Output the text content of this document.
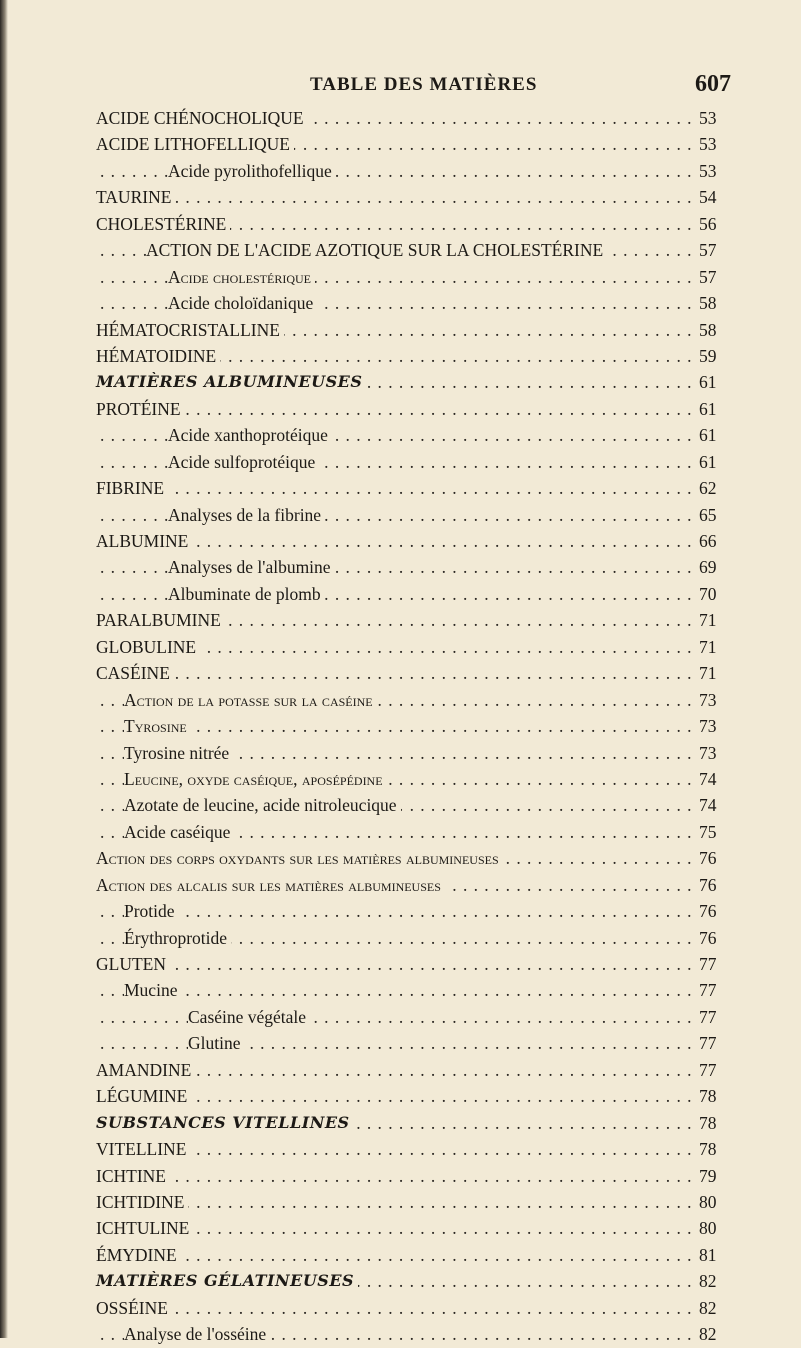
TABLE DES MATIÈRES	607
ACIDE CHÉNOCHOLIQUE .....	53
ACIDE LITHOFELLIQUE .....	53
Acide pyrolithofellique .....	53
TAURINE .....	54
CHOLESTÉRINE .....	56
ACTION DE L'ACIDE AZOTIQUE SUR LA CHOLESTÉRINE .....	57
Acide cholestérique .....	57
Acide choloïdanique .....	58
HÉMATOCRISTALLINE .....	58
HÉMATOIDINE .....	59
MATIÈRES ALBUMINEUSES .....	61
PROTÉINE .....	61
Acide xanthoprotéique .....	61
Acide sulfoprotéique .....	61
FIBRINE .....	62
Analyses de la fibrine .....	65
ALBUMINE .....	66
Analyses de l'albumine .....	69
Albuminate de plomb .....	70
PARALBUMINE .....	71
GLOBULINE .....	71
CASÉINE .....	71
Action de la potasse sur la caséine .....	73
Tyrosine .....	73
Tyrosine nitrée .....	73
Leucine, oxyde caséique, aposépédine .....	74
Azotate de leucine, acide nitroleucique .....	74
Acide caséique .....	75
Action des corps oxydants sur les matières albumineuses .....	76
Action des alcalis sur les matières albumineuses .....	76
Protide .....	76
Érythroprotide .....	76
GLUTEN .....	77
Mucine .....	77
Caséine végétale .....	77
Glutine .....	77
AMANDINE .....	77
LÉGUMINE .....	78
SUBSTANCES VITELLINES .....	78
VITELLINE .....	78
ICHTINE .....	79
ICHTIDINE .....	80
ICHTULINE .....	80
ÉMYDINE .....	81
MATIÈRES GÉLATINEUSES .....	82
OSSÉINE .....	82
Analyse de l'osséine .....	82
